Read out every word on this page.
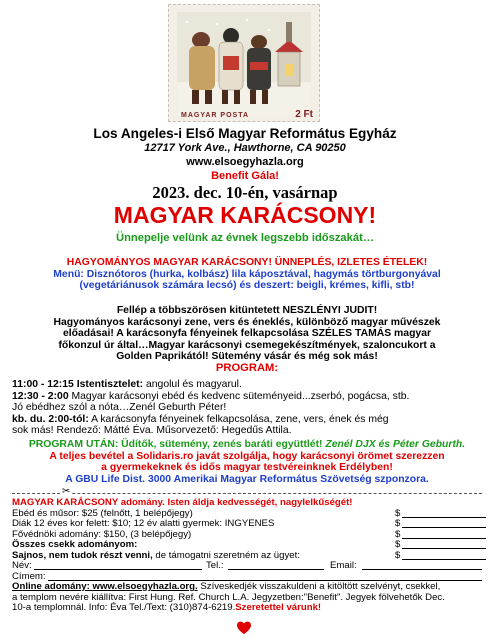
MAGYAR POSTA	2 Ft
Los Angeles-i Első Magyar Református Egyház
12717 York Ave., Hawthorne, CA 90250
www.elsoegyhazla.org
Benefit Gála!
2023. dec. 10-én, vasárnap
MAGYAR KARÁCSONY!
Ünnepelje velünk az évnek legszebb időszakát…
HAGYOMÁNYOS MAGYAR KARÁCSONY! ÜNNEPLÉS, IZLETES ÉTELEK!
Menü: Disznótoros (hurka, kolbász) lila káposztával, hagymás törtburgonyával
(vegetáriánusok számára lecsó) és deszert: beigli, krémes, kifli, stb!
Fellép a többszörösen kitüntetett NESZLÉNYI JUDIT!
Hagyományos karácsonyi zene, vers és éneklés, különböző magyar művészek
előadásai! A karácsonyfa fényeinek felkapcsolása SZÉLES TAMÁS magyar
főkonzul úr által…Magyar karácsonyi csemegekészítmények, szaloncukort a
Golden Paprikától! Sütemény vásár és még sok más!
PROGRAM:
11:00 - 12:15 Istentisztelet: angolul és magyarul.
12:30 - 2:00 Magyar karácsonyi ebéd és kedvenc süteményeid...zserbó, pogácsa, stb.
Jó ebédhez szól a nóta…Zenél Geburth Péter!
kb. du. 2:00-tól: A karácsonyfa fényeinek felkapcsolása, zene, vers, ének és még
sok más! Rendező: Mátté Éva. Műsorvezető: Hegedűs Attila.
PROGRAM UTÁN: Üdítők, sütemény, zenés baráti együttlét! Zenél DJX és Péter Geburth.
A teljes bevétel a Solidaris.ro javát szolgálja, hogy karácsonyi örömet szerezzen
a gyermekeknek és idős magyar testvéreinknek Erdélyben!
A GBU Life Dist. 3000 Amerikai Magyar Református Szövetség szponzora.
✂
MAGYAR KARÁCSONY adomány. Isten áldja kedvességét, nagylelkűségét!
Ebéd és műsor: $25 (felnőtt, 1 belépőjegy)	$
Diák 12 éves kor felett: $10; 12 év alatti gyermek: INGYENES	$
Fővédnöki adomány: $150, (3 belépőjegy)	$
Összes csekk adományom:	$
Sajnos, nem tudok részt venni, de támogatni szeretném az ügyet:	$
Név:	Tel.:	Email:
Címem:
Online adomány: www.elsoegyhazla.org. Szíveskedjék visszakuldeni a kitöltött szelvényt, csekkel,
a templom nevére kiállítva: First Hung. Ref. Church L.A. Jegyzetben:"Benefit". Jegyek fölvehetők Dec.
10-a templomnál. Info: Éva Tel./Text: (310)874-6219.Szeretettel várunk!
